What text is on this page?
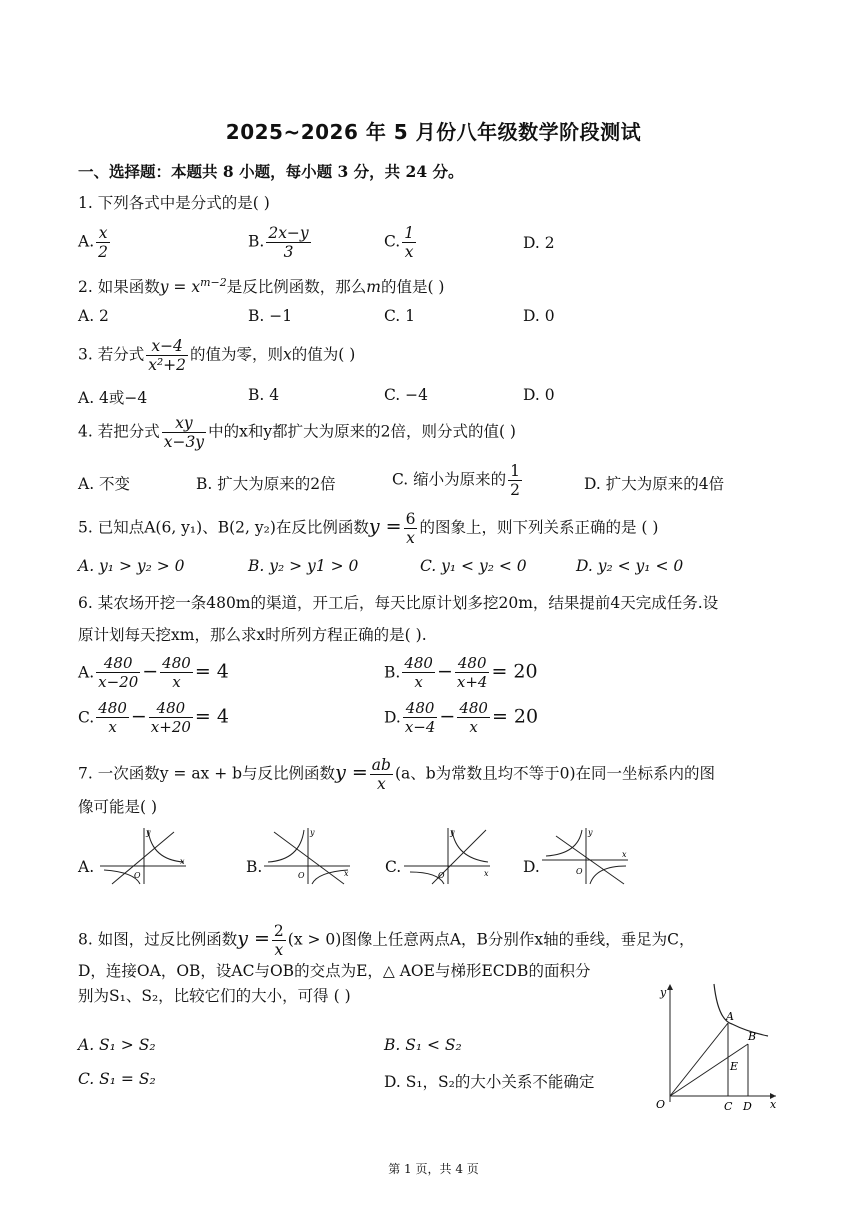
2025~2026 年 5 月份八年级数学阶段测试
一、选择题：本题共 8 小题，每小题 3 分，共 24 分。
1. 下列各式中是分式的是( )
A. $\frac{x}{2}$	B. $\frac{2x-y}{3}$	C. $\frac{1}{x}$	D. 2
2. 如果函数$y = x^{m-2}$是反比例函数，那么m的值是( )
A. 2	B. −1	C. 1	D. 0
3. 若分式 $\frac{x-4}{\text{x²+2}}$ 的值为零，则x的值为( )
A. 4或−4	B. 4	C. −4	D. 0
4. 若把分式 $\frac{xy}{x-3y}$ 中的x和y都扩大为原来的2倍，则分式的值( )
A. 不变	B. 扩大为原来的2倍	C. 缩小为原来的 $\frac{1}{2}$	D. 扩大为原来的4倍
5. 已知点A(6, y₁)、B(2, y₂)在反比例函数$y = \frac{6}{x}$ 的图象上，则下列关系正确的是 ( )
A. y₁ > y₂ > 0	B. y₂ > y1 > 0	C. y₁ < y₂ < 0	D. y₂ < y₁ < 0
6. 某农场开挖一条480m的渠道，开工后，每天比原计划多挖20m，结果提前4天完成任务.设
原计划每天挖xm，那么求x时所列方程正确的是( ).
A. $\frac{480}{x-20} - \frac{480}{x} = 4$	B. $\frac{480}{x} - \frac{480}{x+4} = 20$
C. $\frac{480}{x} - \frac{480}{x+20} = 4$	D. $\frac{480}{x-4} - \frac{480}{x} = 20$
7. 一次函数y = ax + b与反比例函数$y = \frac{ab}{x} (a$、b为常数且均不等于0)在同一坐标系内的图
像可能是( )
A.	B.	C.	D.
y
x
O
y
x
O
y
x
O
y
x
O
8. 如图，过反比例函数$y = \frac{2}{x} (x > 0)$图像上任意两点A，B分别作x轴的垂线，垂足为C，
D，连接OA，OB，设AC与OB的交点为E，△ AOE与梯形ECDB的面积分
别为S₁、S₂，比较它们的大小，可得 ( )
A. S₁ > S₂	B. S₁ < S₂
C. S₁ = S₂	D. S₁，S₂的大小关系不能确定
y
x
O
A
B
E
C D
第 1 页，共 4 页
